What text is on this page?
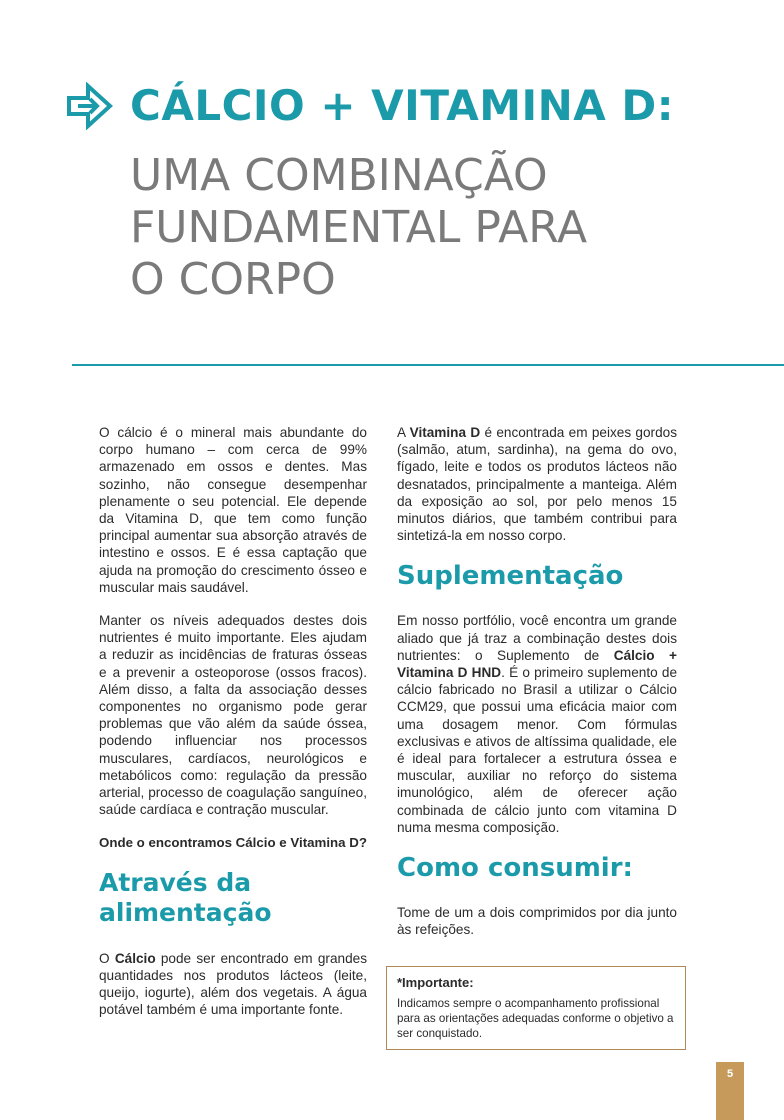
CÁLCIO + VITAMINA D:
UMA COMBINAÇÃO
FUNDAMENTAL PARA
O CORPO

O cálcio é o mineral mais abundante do corpo humano – com cerca de 99% armazenado em ossos e dentes. Mas sozinho, não consegue desempenhar plenamente o seu potencial. Ele depende da Vitamina D, que tem como função principal aumentar sua absorção através de intestino e ossos. E é essa captação que ajuda na promoção do crescimento ósseo e muscular mais saudável.

Manter os níveis adequados destes dois nutrientes é muito importante. Eles ajudam a reduzir as incidências de fraturas ósseas e a prevenir a osteoporose (ossos fracos). Além disso, a falta da associação desses componentes no organismo pode gerar problemas que vão além da saúde óssea, podendo influenciar nos processos musculares, cardíacos, neurológicos e metabólicos como: regulação da pressão arterial, processo de coagulação sanguíneo, saúde cardíaca e contração muscular.

Onde o encontramos Cálcio e Vitamina D?

Através da alimentação

O Cálcio pode ser encontrado em grandes quantidades nos produtos lácteos (leite, queijo, iogurte), além dos vegetais. A água potável também é uma importante fonte.

A Vitamina D é encontrada em peixes gordos (salmão, atum, sardinha), na gema do ovo, fígado, leite e todos os produtos lácteos não desnatados, principalmente a manteiga. Além da exposição ao sol, por pelo menos 15 minutos diários, que também contribui para sintetizá-la em nosso corpo.

Suplementação

Em nosso portfólio, você encontra um grande aliado que já traz a combinação destes dois nutrientes: o Suplemento de Cálcio + Vitamina D HND. É o primeiro suplemento de cálcio fabricado no Brasil a utilizar o Cálcio CCM29, que possui uma eficácia maior com uma dosagem menor. Com fórmulas exclusivas e ativos de altíssima qualidade, ele é ideal para fortalecer a estrutura óssea e muscular, auxiliar no reforço do sistema imunológico, além de oferecer ação combinada de cálcio junto com vitamina D numa mesma composição.

Como consumir:

Tome de um a dois comprimidos por dia junto às refeições.

*Importante:

Indicamos sempre o acompanhamento profissional para as orientações adequadas conforme o objetivo a ser conquistado.

5
